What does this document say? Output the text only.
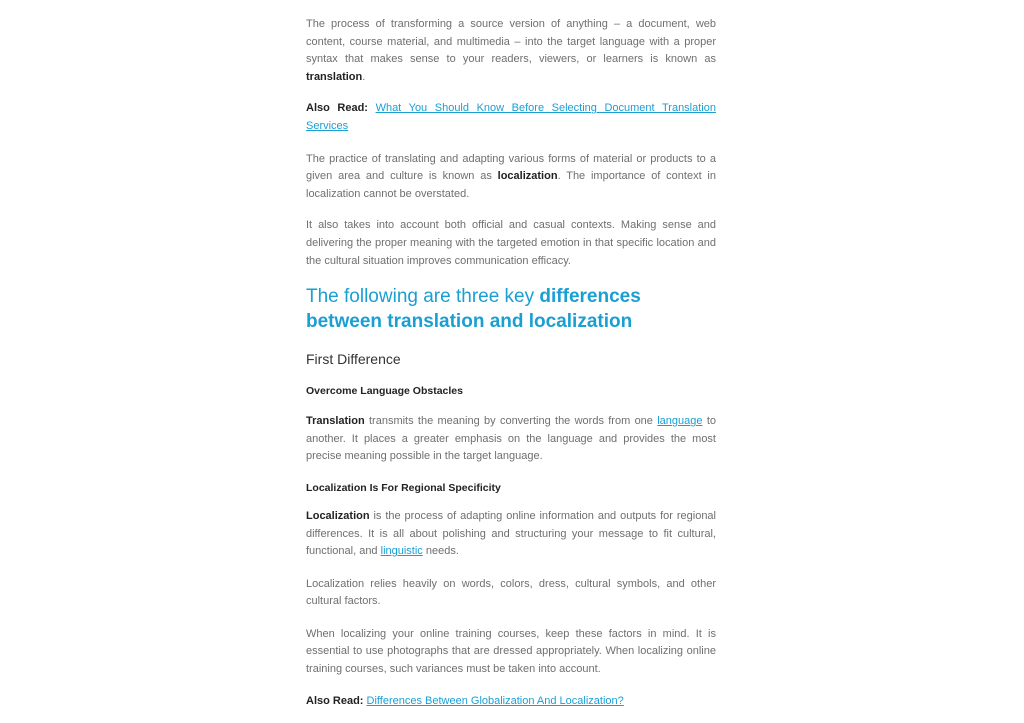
The process of transforming a source version of anything – a document, web content, course material, and multimedia – into the target language with a proper syntax that makes sense to your readers, viewers, or learners is known as translation.

Also Read: What You Should Know Before Selecting Document Translation Services

The practice of translating and adapting various forms of material or products to a given area and culture is known as localization. The importance of context in localization cannot be overstated.

It also takes into account both official and casual contexts. Making sense and delivering the proper meaning with the targeted emotion in that specific location and the cultural situation improves communication efficacy.

The following are three key differences between translation and localization
First Difference
Overcome Language Obstacles

Translation transmits the meaning by converting the words from one language to another. It places a greater emphasis on the language and provides the most precise meaning possible in the target language.

Localization Is For Regional Specificity

Localization is the process of adapting online information and outputs for regional differences. It is all about polishing and structuring your message to fit cultural, functional, and linguistic needs.

Localization relies heavily on words, colors, dress, cultural symbols, and other cultural factors.

When localizing your online training courses, keep these factors in mind. It is essential to use photographs that are dressed appropriately. When localizing online training courses, such variances must be taken into account.

Also Read: Differences Between Globalization And Localization?
